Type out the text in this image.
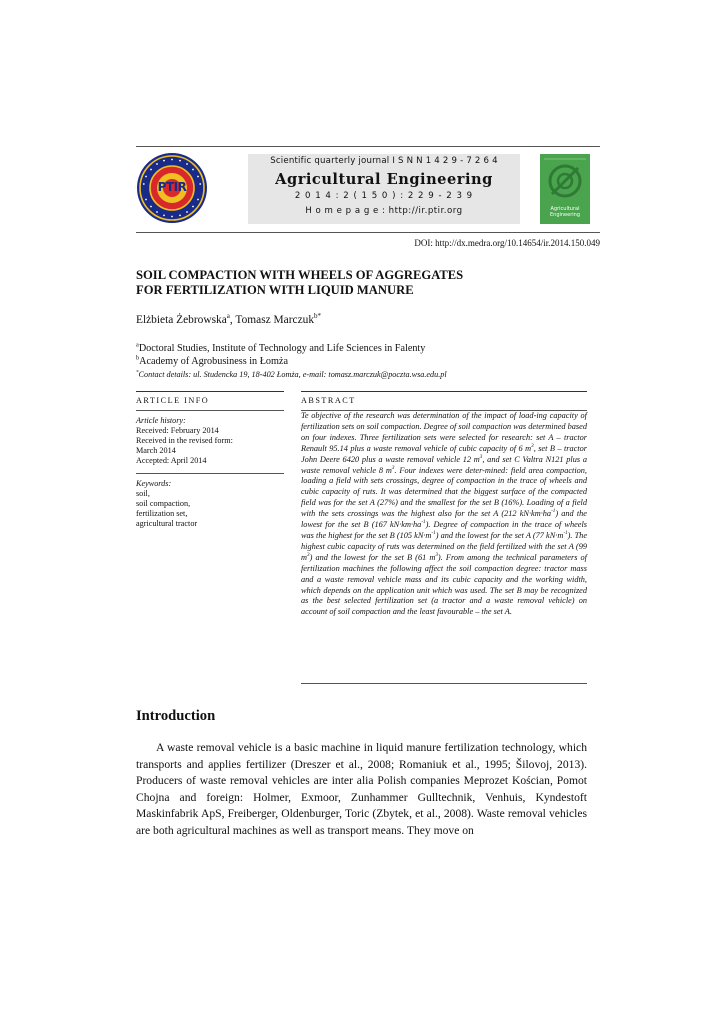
PTIR
Scientific quarterly journal I S N N 1 4 2 9 - 7 2 6 4
Agricultural Engineering
2 0 1 4 : 2 ( 1 5 0 ) : 2 2 9 - 2 3 9
H o m e p a g e : http://ir.ptir.org	Agricultural
Engineering
DOI: http://dx.medra.org/10.14654/ir.2014.150.049
SOIL COMPACTION WITH WHEELS OF AGGREGATES
FOR FERTILIZATION WITH LIQUID MANURE
Elżbieta Żebrowska$^a$, Tomasz Marczuk$^{b*}$
$^a$Doctoral Studies, Institute of Technology and Life Sciences in Falenty
$^b$Academy of Agrobusiness in Łomża
*Contact details: ul. Studencka 19, 18-402 Łomża, e-mail: tomasz.marczuk@poczta.wsa.edu.pl
ARTICLE INFO	ABSTRACT
Article history:
Received: February 2014
Received in the revised form:
March 2014
Accepted: April 2014
Keywords:
soil,
soil compaction,
fertilization set,
agricultural tractor

Te objective of the research was determination of the impact of load-ing capacity of fertilization sets on soil compaction. Degree of soil compaction was determined based on four indexes. Three fertilization sets were selected for research: set A – tractor Renault 95.14 plus a waste removal vehicle of cubic capacity of 6 $m^3$, set B – tractor John Deere 6420 plus a waste removal vehicle 12 $m^3$, and set C Valtra N121 plus a waste removal vehicle 8 $m^3$. Four indexes were deter-mined: field area compaction, loading a field with sets crossings, degree of compaction in the trace of wheels and cubic capacity of ruts. It was determined that the biggest surface of the compacted field was for the set A (27%) and the smallest for the set B (16%). Loading of a field with the sets crossings was the highest also for the set A (212 $kN\cdot km\cdot ha^{-1}$) and the lowest for the set B (167 $kN\cdot km\cdot ha^{-1}$). Degree of compaction in the trace of wheels was the highest for the set B (105 $kN\cdot m^{-1}$) and the lowest for the set A (77 $kN\cdot m^{-1}$). The highest cubic capacity of ruts was determined on the field fertilized with the set A (99 $m^3$) and the lowest for the set B (61 $m^3$). From among the technical parameters of fertilization machines the following affect the soil compaction degree: tractor mass and a waste removal vehicle mass and its cubic capacity and the working width, which depends on the application unit which was used. The set B may be recognized as the best selected fertilization set (a tractor and a waste removal vehicle) on account of soil compaction and the least favourable – the set A.

Introduction

A waste removal vehicle is a basic machine in liquid manure fertilization technology, which transports and applies fertilizer (Dreszer et al., 2008; Romaniuk et al., 1995; Šilovoj, 2013). Producers of waste removal vehicles are inter alia Polish companies Meprozet Kościan, Pomot Chojna and foreign: Holmer, Exmoor, Zunhammer Gulltechnik, Venhuis, Kyndestoft Maskinfabrik ApS, Freiberger, Oldenburger, Toric (Zbytek, et al., 2008). Waste removal vehicles are both agricultural machines as well as transport means. They move on
